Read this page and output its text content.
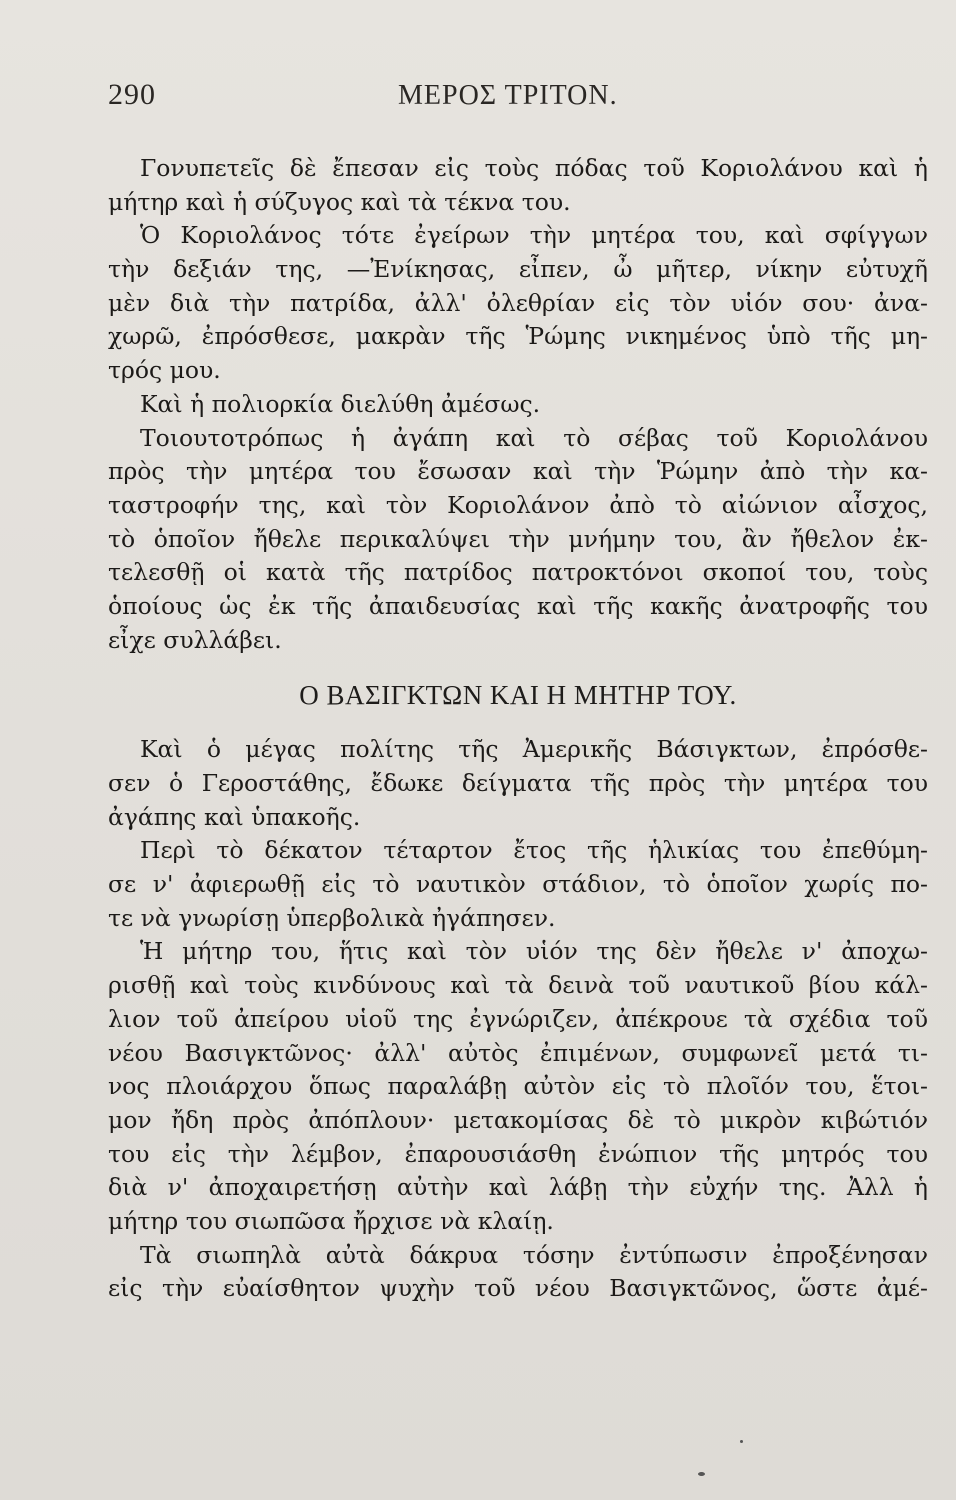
290	ΜΕΡΟΣ ΤΡΙΤΟΝ.
Γονυπετεῖς δὲ ἔπεσαν εἰς τοὺς πόδας τοῦ Κοριολάνου καὶ ἡ
μήτηρ καὶ ἡ σύζυγος καὶ τὰ τέκνα του.
Ὁ Κοριολάνος τότε ἐγείρων τὴν μητέρα του, καὶ σφίγγων
τὴν δεξιάν της, —Ἐνίκησας, εἶπεν, ὦ μῆτερ, νίκην εὐτυχῆ
μὲν διὰ τὴν πατρίδα, ἀλλ' ὀλεθρίαν εἰς τὸν υἱόν σου· ἀνα-
χωρῶ, ἐπρόσθεσε, μακρὰν τῆς Ῥώμης νικημένος ὑπὸ τῆς μη-
τρός μου.
Καὶ ἡ πολιορκία διελύθη ἀμέσως.
Τοιουτοτρόπως ἡ ἀγάπη καὶ τὸ σέβας τοῦ Κοριολάνου
πρὸς τὴν μητέρα του ἔσωσαν καὶ τὴν Ῥώμην ἀπὸ τὴν κα-
ταστροφήν της, καὶ τὸν Κοριολάνον ἀπὸ τὸ αἰώνιον αἶσχος,
τὸ ὁποῖον ἤθελε περικαλύψει τὴν μνήμην του, ἂν ἤθελον ἐκ-
τελεσθῇ οἱ κατὰ τῆς πατρίδος πατροκτόνοι σκοποί του, τοὺς
ὁποίους ὡς ἐκ τῆς ἀπαιδευσίας καὶ τῆς κακῆς ἀνατροφῆς του
εἶχε συλλάβει.
Ο ΒΑΣΙΓΚΤΩΝ ΚΑΙ Η ΜΗΤΗΡ ΤΟΥ.
Καὶ ὁ μέγας πολίτης τῆς Ἀμερικῆς Βάσιγκτων, ἐπρόσθε-
σεν ὁ Γεροστάθης, ἔδωκε δείγματα τῆς πρὸς τὴν μητέρα του
ἀγάπης καὶ ὑπακοῆς.
Περὶ τὸ δέκατον τέταρτον ἔτος τῆς ἡλικίας του ἐπεθύμη-
σε ν' ἀφιερωθῇ εἰς τὸ ναυτικὸν στάδιον, τὸ ὁποῖον χωρίς πο-
τε νὰ γνωρίσῃ ὑπερβολικὰ ἠγάπησεν.
Ἡ μήτηρ του, ἥτις καὶ τὸν υἱόν της δὲν ἤθελε ν' ἀποχω-
ρισθῇ καὶ τοὺς κινδύνους καὶ τὰ δεινὰ τοῦ ναυτικοῦ βίου κάλ-
λιον τοῦ ἀπείρου υἱοῦ της ἐγνώριζεν, ἀπέκρουε τὰ σχέδια τοῦ
νέου Βασιγκτῶνος· ἀλλ' αὐτὸς ἐπιμένων, συμφωνεῖ μετά τι-
νος πλοιάρχου ὅπως παραλάβῃ αὐτὸν εἰς τὸ πλοῖόν του, ἕτοι-
μον ἤδη πρὸς ἀπόπλουν· μετακομίσας δὲ τὸ μικρὸν κιβώτιόν
του εἰς τὴν λέμβον, ἐπαρουσιάσθη ἐνώπιον τῆς μητρός του
διὰ ν' ἀποχαιρετήσῃ αὐτὴν καὶ λάβῃ τὴν εὐχήν της. Ἀλλ ἡ
μήτηρ του σιωπῶσα ἤρχισε νὰ κλαίῃ.
Τὰ σιωπηλὰ αὐτὰ δάκρυα τόσην ἐντύπωσιν ἐπροξένησαν
εἰς τὴν εὐαίσθητον ψυχὴν τοῦ νέου Βασιγκτῶνος, ὥστε ἀμέ-
